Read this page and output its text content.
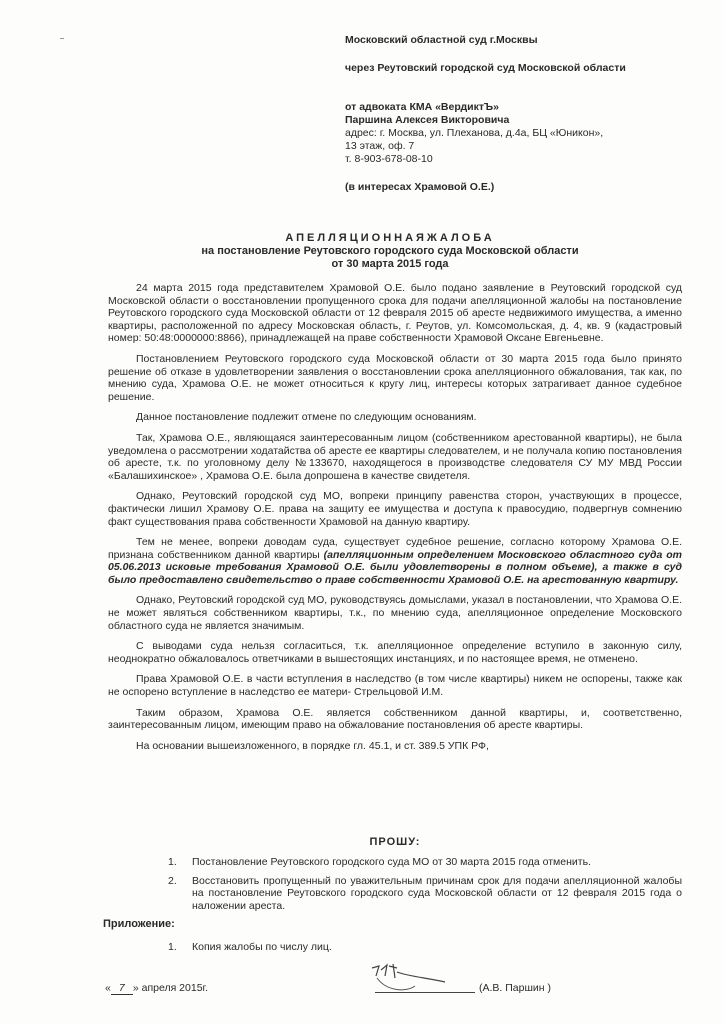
Московский областной суд г.Москвы
через Реутовский городской суд Московской области
от адвоката КМА «ВердиктЪ»
Паршина Алексея Викторовича
адрес: г. Москва, ул. Плеханова, д.4а, БЦ «Юникон», 13 этаж, оф. 7
т. 8-903-678-08-10
(в интересах Храмовой О.Е.)
АПЕЛЛЯЦИОННАЯЖАЛОБА
на постановление Реутовского городского суда Московской области
от 30 марта 2015 года

24 марта 2015 года представителем Храмовой О.Е. было подано заявление в Реутовский городской суд Московской области о восстановлении пропущенного срока для подачи апелляционной жалобы на постановление Реутовского городского суда Московской области от 12 февраля 2015 об аресте недвижимого имущества, а именно квартиры, расположенной по адресу Московская область, г. Реутов, ул. Комсомольская, д. 4, кв. 9 (кадастровый номер: 50:48:0000000:8866), принадлежащей на праве собственности Храмовой Оксане Евгеньевне.

Постановлением Реутовского городского суда Московской области от 30 марта 2015 года было принято решение об отказе в удовлетворении заявления о восстановлении срока апелляционного обжалования, так как, по мнению суда, Храмова О.Е. не может относиться к кругу лиц, интересы которых затрагивает данное судебное решение.

Данное постановление подлежит отмене по следующим основаниям.

Так, Храмова О.Е., являющаяся заинтересованным лицом (собственником арестованной квартиры), не была уведомлена о рассмотрении ходатайства об аресте ее квартиры следователем, и не получала копию постановления об аресте, т.к. по уголовному делу №133670, находящегося в производстве следователя СУ МУ МВД России «Балашихинское» , Храмова О.Е. была допрошена в качестве свидетеля.

Однако, Реутовский городской суд МО, вопреки принципу равенства сторон, участвующих в процессе, фактически лишил Храмову О.Е. права на защиту ее имущества и доступа к правосудию, подвергнув сомнению факт существования права собственности Храмовой на данную квартиру.

Тем не менее, вопреки доводам суда, существует судебное решение, согласно которому Храмова О.Е. признана собственником данной квартиры (апелляционным определением Московского областного суда от 05.06.2013 исковые требования Храмовой О.Е. были удовлетворены в полном объеме), а также в суд было предоставлено свидетельство о праве собственности Храмовой О.Е. на арестованную квартиру.

Однако, Реутовский городской суд МО, руководствуясь домыслами, указал в постановлении, что Храмова О.Е. не может являться собственником квартиры, т.к., по мнению суда, апелляционное определение Московского областного суда не является значимым.

С выводами суда нельзя согласиться, т.к. апелляционное определение вступило в законную силу, неоднократно обжаловалось ответчиками в вышестоящих инстанциях, и по настоящее время, не отменено.

Права Храмовой О.Е. в части вступления в наследство (в том числе квартиры) никем не оспорены, также как не оспорено вступление в наследство ее матери- Стрельцовой И.М.

Таким образом, Храмова О.Е. является собственником данной квартиры, и, соответственно, заинтересованным лицом, имеющим право на обжалование постановления об аресте квартиры.

На основании вышеизложенного, в порядке гл. 45.1, и ст. 389.5 УПК РФ,

ПРОШУ:
1.	Постановление Реутовского городского суда МО от 30 марта 2015 года отменить.
2.	Восстановить пропущенный по уважительным причинам срок для подачи апелляционной жалобы на постановление Реутовского городского суда Московской области от 12 февраля 2015 года о наложении ареста.
Приложение:
1.	Копия жалобы по числу лиц.
« 7 » апреля 2015г.	(А.В. Паршин )
